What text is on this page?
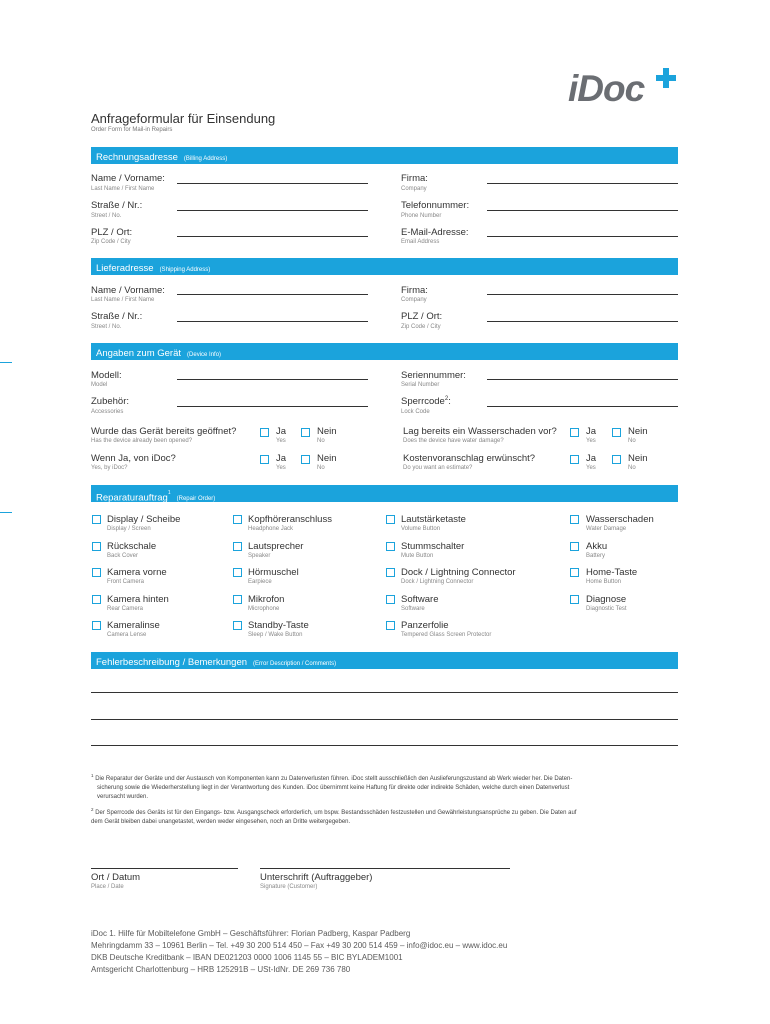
iDoc
Anfrageformular für Einsendung
Order Form for Mail-in Repairs
Rechnungsadresse (Billing Address)
Name / Vorname:
Last Name / First Name
Firma:
Company
Straße / Nr.:
Street / No.
Telefonnummer:
Phone Number
PLZ / Ort:
Zip Code / City
E-Mail-Adresse:
Email Address
Lieferadresse (Shipping Address)
Name / Vorname:
Last Name / First Name
Firma:
Company
Straße / Nr.:
Street / No.
PLZ / Ort:
Zip Code / City
Angaben zum Gerät (Device Info)
Modell:
Model
Seriennummer:
Serial Number
Zubehör:
Accessories
Sperrcode$^2$:
Lock Code
Wurde das Gerät bereits geöffnet?
Has the device already been opened?
Ja
Yes
Nein
No
Lag bereits ein Wasserschaden vor?
Does the device have water damage?
Ja
Yes
Nein
No
Wenn Ja, von iDoc?
Yes, by iDoc?
Ja
Yes
Nein
No
Kostenvoranschlag erwünscht?
Do you want an estimate?
Ja
Yes
Nein
No
Reparaturauftrag$^1$(Repair Order)
Display / Scheibe
Display / Screen
Kopfhöreranschluss
Headphone Jack
Lautstärketaste
Volume Button
Wasserschaden
Water Damage
Rückschale
Back Cover
Lautsprecher
Speaker
Stummschalter
Mute Button
Akku
Battery
Kamera vorne
Front Camera
Hörmuschel
Earpiece
Dock / Lightning Connector
Dock / Lightning Connector
Home-Taste
Home Button
Kamera hinten
Rear Camera
Mikrofon
Microphone
Software
Software
Diagnose
Diagnostic Test
Kameralinse
Camera Lense
Standby-Taste
Sleep / Wake Button
Panzerfolie
Tempered Glass Screen Protector
Fehlerbeschreibung / Bemerkungen (Error Description / Comments)
$^1$ Die Reparatur der Geräte und der Austausch von Komponenten kann zu Datenverlusten führen. iDoc stellt ausschließlich den Auslieferungszustand ab Werk wieder her. Die Daten-
sicherung sowie die Wiederherstellung liegt in der Verantwortung des Kunden. iDoc übernimmt keine Haftung für direkte oder indirekte Schäden, welche durch einen Datenverlust
verursacht wurden.
$^2$ Der Sperrcode des Geräts ist für den Eingangs- bzw. Ausgangscheck erforderlich, um bspw. Bestandsschäden festzustellen und Gewährleistungsansprüche zu geben. Die Daten auf
dem Gerät bleiben dabei unangetastet, werden weder eingesehen, noch an Dritte weitergegeben.
Ort / Datum
Place / Date
Unterschrift (Auftraggeber)
Signature (Customer)
iDoc 1. Hilfe für Mobiltelefone GmbH – Geschäftsführer: Florian Padberg, Kaspar Padberg
Mehringdamm 33 – 10961 Berlin – Tel. +49 30 200 514 450 – Fax +49 30 200 514 459 – info@idoc.eu – www.idoc.eu
DKB Deutsche Kreditbank – IBAN DE021203 0000 1006 1145 55 – BIC BYLADEM1001
Amtsgericht Charlottenburg – HRB 125291B – USt-IdNr. DE 269 736 780
